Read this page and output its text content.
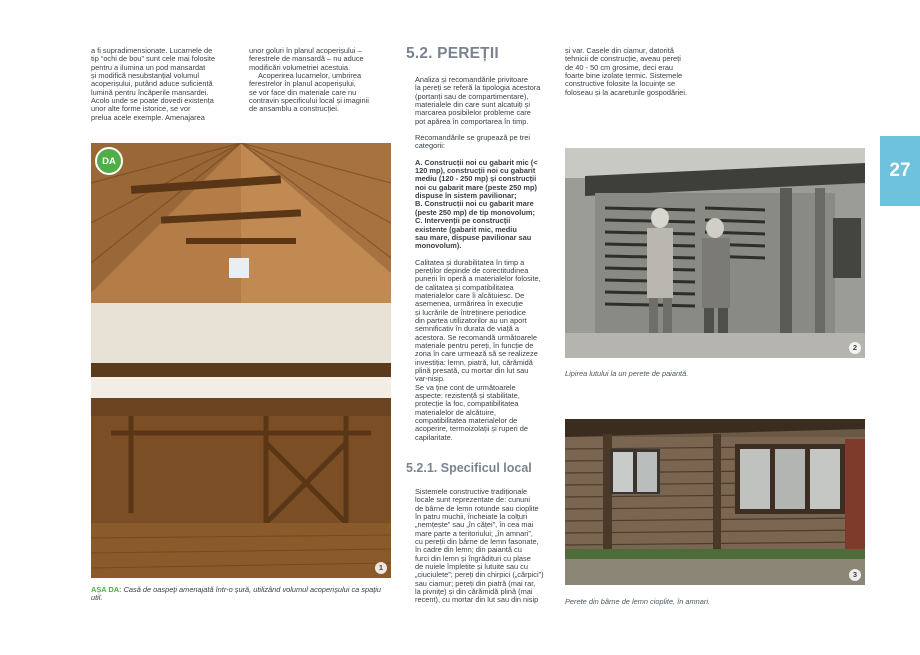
a fi supradimensionate. Lucarnele de
tip “ochi de bou” sunt cele mai folosite
pentru a ilumina un pod mansardat
și modifică nesubstanțial volumul
acoperișului, putând aduce suficientă
lumină pentru încăperile mansardei.
Acolo unde se poate dovedi existența
unor alte forme istorice, se vor
prelua acele exemple. Amenajarea
unor goluri în planul acoperișului –
ferestrele de mansardă – nu aduce
modificări volumetriei acestuia.
Acoperirea lucarnelor, umbrirea
ferestrelor în planul acoperișului,
se vor face din materiale care nu
contravin specificului local și imaginii
de ansamblu a construcției.
5.2. PEREȚII
Analiza și recomandările privitoare
la pereți se referă la tipologia acestora
(portanți sau de compartimentare),
materialele din care sunt alcatuiți și
marcarea posibilelor probleme care
pot apărea în comportarea în timp.
Recomandările se grupează pe trei
categorii:
A. Construcții noi cu gabarit mic (<
120 mp), construcții noi cu gabarit
mediu (120 - 250 mp) și construcții
noi cu gabarit mare (peste 250 mp)
dispuse în sistem pavilionar;
B. Construcții noi cu gabarit mare
(peste 250 mp) de tip monovolum;
C. Intervenții pe construcții
existente (gabarit mic, mediu
sau mare, dispuse pavilionar sau
monovolum).
Calitatea și durabilitatea în timp a
pereților depinde de corectitudinea
punerii în operă a materialelor folosite,
de calitatea și compatibilitatea
materialelor care îi alcătuiesc. De
asemenea, urmărirea în execuție
și lucrările de întreținere periodice
din partea utilizatorilor au un aport
semnificativ în durata de viață a
acestora. Se recomandă următoarele
materiale pentru pereți, în funcție de
zona în care urmează să se realizeze
investiția: lemn, piatră, lut, cărămidă
plină presată, cu mortar din lut sau
var-nisip.
Se va ține cont de următoarele
aspecte: rezistență și stabilitate,
protecție la foc, compatibilitatea
materialelor de alcătuire,
compatibilitatea materialelor de
acoperire, termoizolații și ruperi de
capilaritate.
5.2.1. Specificul local
Sistemele constructive tradiționale
locale sunt reprezentate de: cununi
de bârne de lemn rotunde sau cioplite
în patru muchii, încheiate la colțuri
„nemțește” sau „în căței”, în cea mai
mare parte a teritoriului; „în amnari”,
cu pereții din bârne de lemn fasonate,
în cadre din lemn; din paiantă cu
furci din lemn și îngrădituri cu plase
de nuiele împletite și lutuite sau cu
„ciuciulete”; pereți din chirpici („cărpici”)
sau ciamur; pereți din piatră (mai rar,
la pivnițe) și din cărămidă plină (mai
recent), cu mortar din lut sau din nisip
și var. Casele din ciamur, datorită
tehnicii de construcție, aveau pereți
de 40 - 50 cm grosime, deci erau
foarte bine izolate termic. Sistemele
constructive folosite la locuințe se
foloseau și la acareturile gospodăriei.
27
1
DA
2
Lipirea lutului la un perete de paiantă.
3
Perete din bârne de lemn cioplite, în amnari.
AȘA DA: Casă de oaspeți amenajată într-o șură, utilizând volumul acoperișului ca spațiu util.
